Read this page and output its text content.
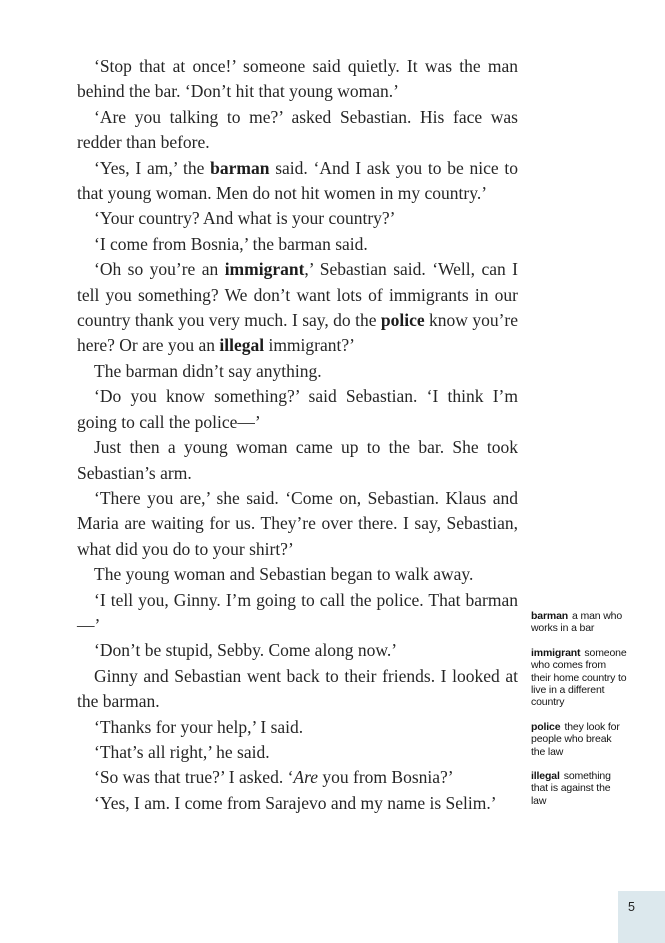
‘Stop that at once!’ someone said quietly. It was the man behind the bar. ‘Don’t hit that young woman.’

‘Are you talking to me?’ asked Sebastian. His face was redder than before.

‘Yes, I am,’ the barman said. ‘And I ask you to be nice to that young woman. Men do not hit women in my country.’

‘Your country? And what is your country?’

‘I come from Bosnia,’ the barman said.

‘Oh so you’re an immigrant,’ Sebastian said. ‘Well, can I tell you something? We don’t want lots of immigrants in our country thank you very much. I say, do the police know you’re here? Or are you an illegal immigrant?’

The barman didn’t say anything.

‘Do you know something?’ said Sebastian. ‘I think I’m going to call the police—’

Just then a young woman came up to the bar. She took Sebastian’s arm.

‘There you are,’ she said. ‘Come on, Sebastian. Klaus and Maria are waiting for us. They’re over there. I say, Sebastian, what did you do to your shirt?’

The young woman and Sebastian began to walk away.

‘I tell you, Ginny. I’m going to call the police. That barman—’

‘Don’t be stupid, Sebby. Come along now.’

Ginny and Sebastian went back to their friends. I looked at the barman.

‘Thanks for your help,’ I said.

‘That’s all right,’ he said.

‘So was that true?’ I asked. ‘Are you from Bosnia?’

‘Yes, I am. I come from Sarajevo and my name is Selim.’

barman a man who works in a bar
immigrant someone who comes from their home country to live in a different country
police they look for people who break the law
illegal something that is against the law
5
